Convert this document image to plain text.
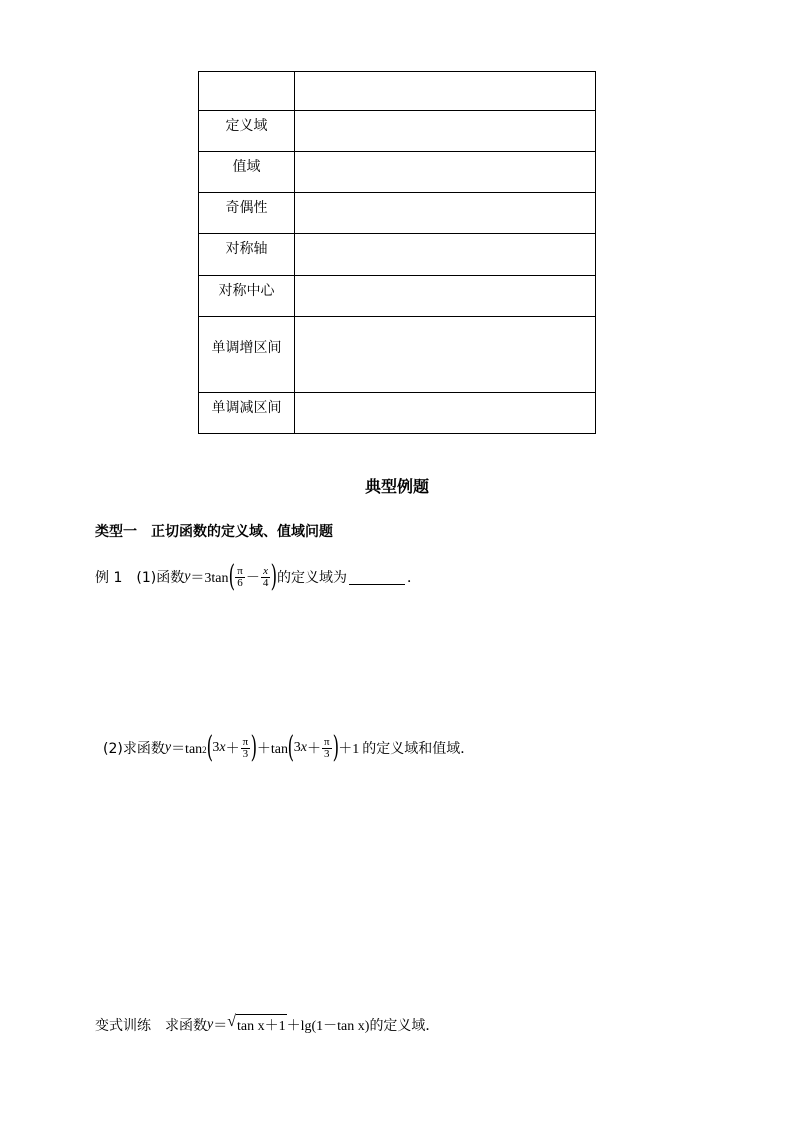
定义域	
值域	
奇偶性	
对称轴	
对称中心	
单调增区间	
单调减区间	
典型例题
类型一 正切函数的定义域、值域问题
例 1 (1)函数 y ＝3tan ( $\frac{\pi}{6} - \frac{x}{4}$ ) 的定义域为	．
(2)求函数 y ＝tan 2 ( 3 $x + \frac{\pi}{3}$ ) ＋tan ( 3 $x + \frac{\pi}{3}$ ) ＋1 的定义域和值域．
变式训练 求函数 y ＝ √ tan x＋1 ＋lg(1－tan x) 的定义域．
